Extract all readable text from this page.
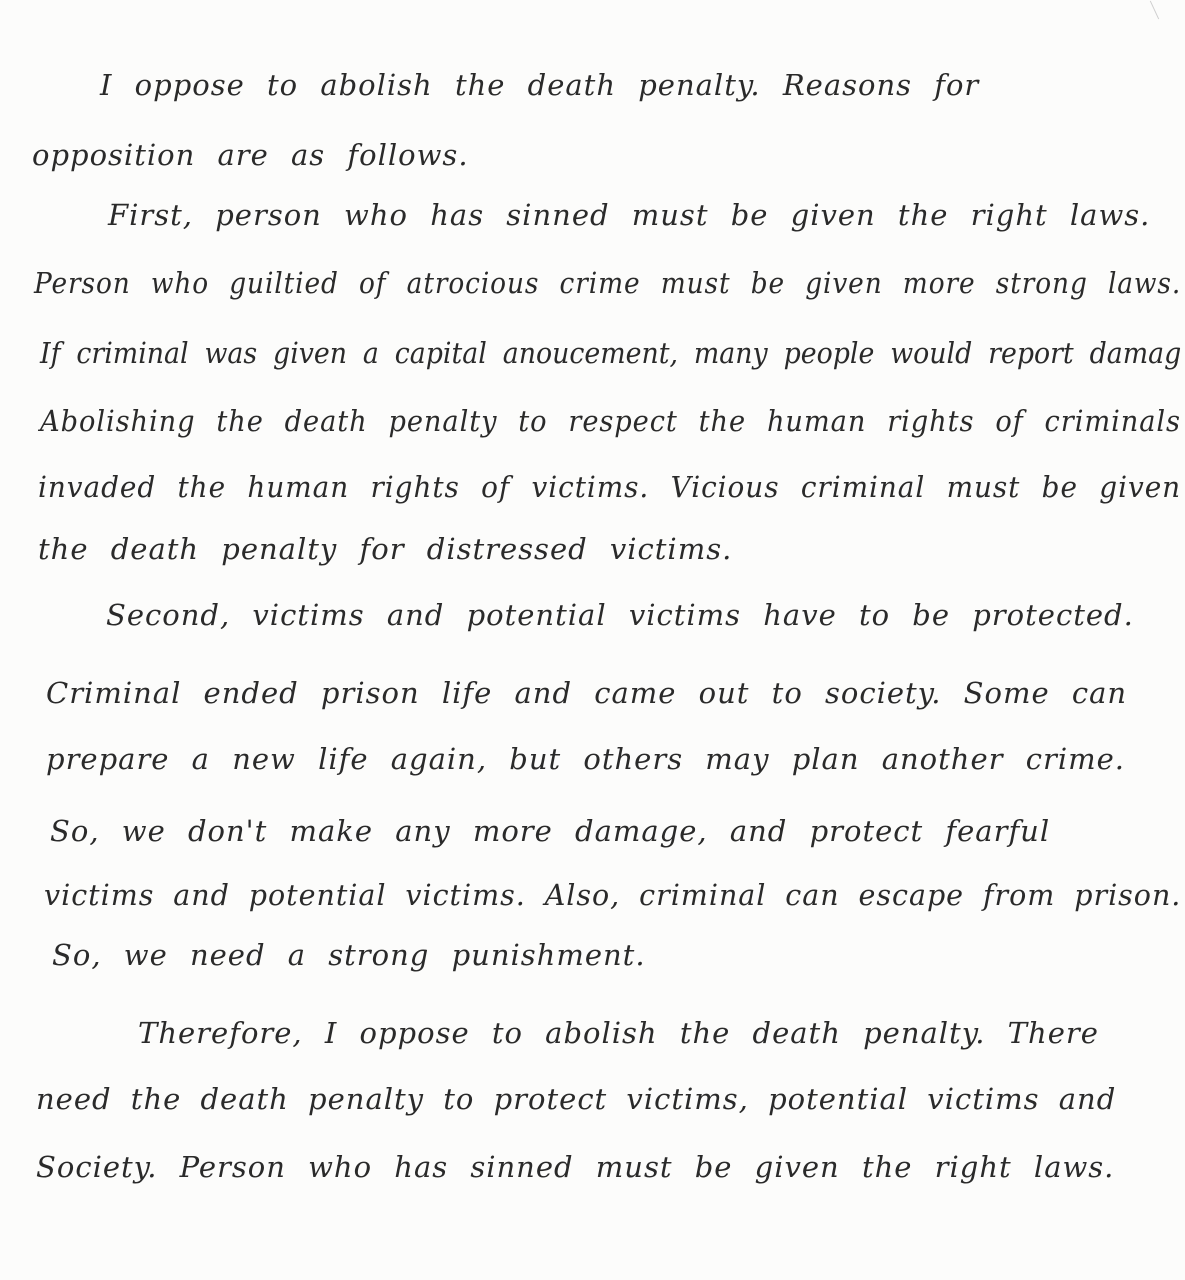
I oppose to abolish the death penalty. Reasons for
opposition are as follows.
First, person who has sinned must be given the right laws.
Person who guiltied of atrocious crime must be given more strong laws.
If criminal was given a capital anoucement, many people would report damag
Abolishing the death penalty to respect the human rights of criminals
invaded the human rights of victims. Vicious criminal must be given
the death penalty for distressed victims.
Second, victims and potential victims have to be protected.
Criminal ended prison life and came out to society. Some can
prepare a new life again, but others may plan another crime.
So, we don't make any more damage, and protect fearful
victims and potential victims. Also, criminal can escape from prison.
So, we need a strong punishment.
Therefore, I oppose to abolish the death penalty. There
need the death penalty to protect victims, potential victims and
Society. Person who has sinned must be given the right laws.
